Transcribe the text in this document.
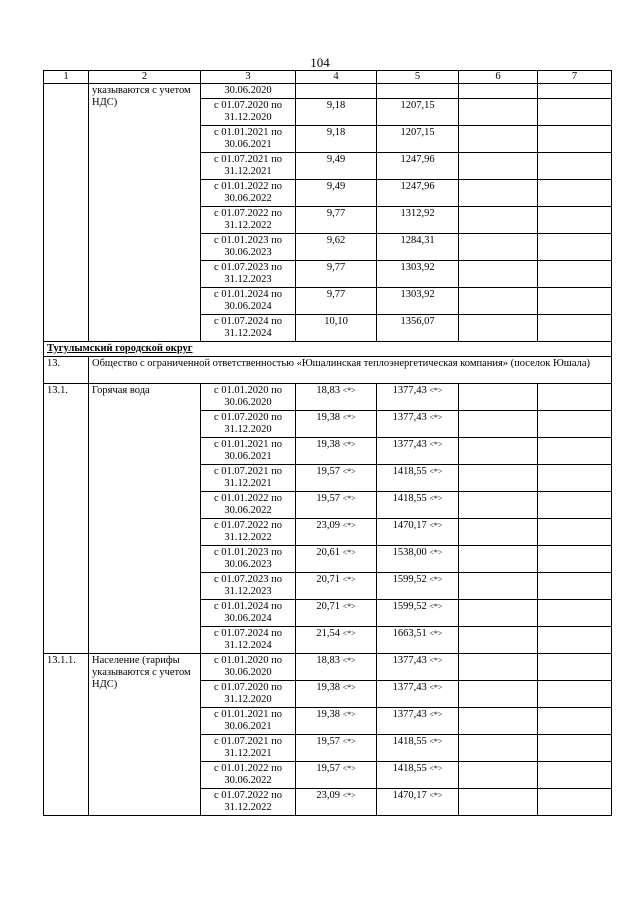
104
1	2	3	4	5	6	7
	указываются с учетом НДС)	30.06.2020				
		с 01.07.2020 по 31.12.2020	9,18	1207,15		
		с 01.01.2021 по 30.06.2021	9,18	1207,15		
		с 01.07.2021 по 31.12.2021	9,49	1247,96		
		с 01.01.2022 по 30.06.2022	9,49	1247,96		
		с 01.07.2022 по 31.12.2022	9,77	1312,92		
		с 01.01.2023 по 30.06.2023	9,62	1284,31		
		с 01.07.2023 по 31.12.2023	9,77	1303,92		
		с 01.01.2024 по 30.06.2024	9,77	1303,92		
		с 01.07.2024 по 31.12.2024	10,10	1356,07		
Тугулымский городской округ						
13.	Общество с ограниченной ответственностью «Юшалинская теплоэнергетическая компания» (поселок Юшала)					
13.1.	Горячая вода	с 01.01.2020 по 30.06.2020	18,83 <*>	1377,43 <*>		
		с 01.07.2020 по 31.12.2020	19,38 <*>	1377,43 <*>		
		с 01.01.2021 по 30.06.2021	19,38 <*>	1377,43 <*>		
		с 01.07.2021 по 31.12.2021	19,57 <*>	1418,55 <*>		
		с 01.01.2022 по 30.06.2022	19,57 <*>	1418,55 <*>		
		с 01.07.2022 по 31.12.2022	23,09 <*>	1470,17 <*>		
		с 01.01.2023 по 30.06.2023	20,61 <*>	1538,00 <*>		
		с 01.07.2023 по 31.12.2023	20,71 <*>	1599,52 <*>		
		с 01.01.2024 по 30.06.2024	20,71 <*>	1599,52 <*>		
		с 01.07.2024 по 31.12.2024	21,54 <*>	1663,51 <*>		
13.1.1.	Население (тарифы указываются с учетом НДС)	с 01.01.2020 по 30.06.2020	18,83 <*>	1377,43 <*>		
		с 01.07.2020 по 31.12.2020	19,38 <*>	1377,43 <*>		
		с 01.01.2021 по 30.06.2021	19,38 <*>	1377,43 <*>		
		с 01.07.2021 по 31.12.2021	19,57 <*>	1418,55 <*>		
		с 01.01.2022 по 30.06.2022	19,57 <*>	1418,55 <*>		
		с 01.07.2022 по 31.12.2022	23,09 <*>	1470,17 <*>		
